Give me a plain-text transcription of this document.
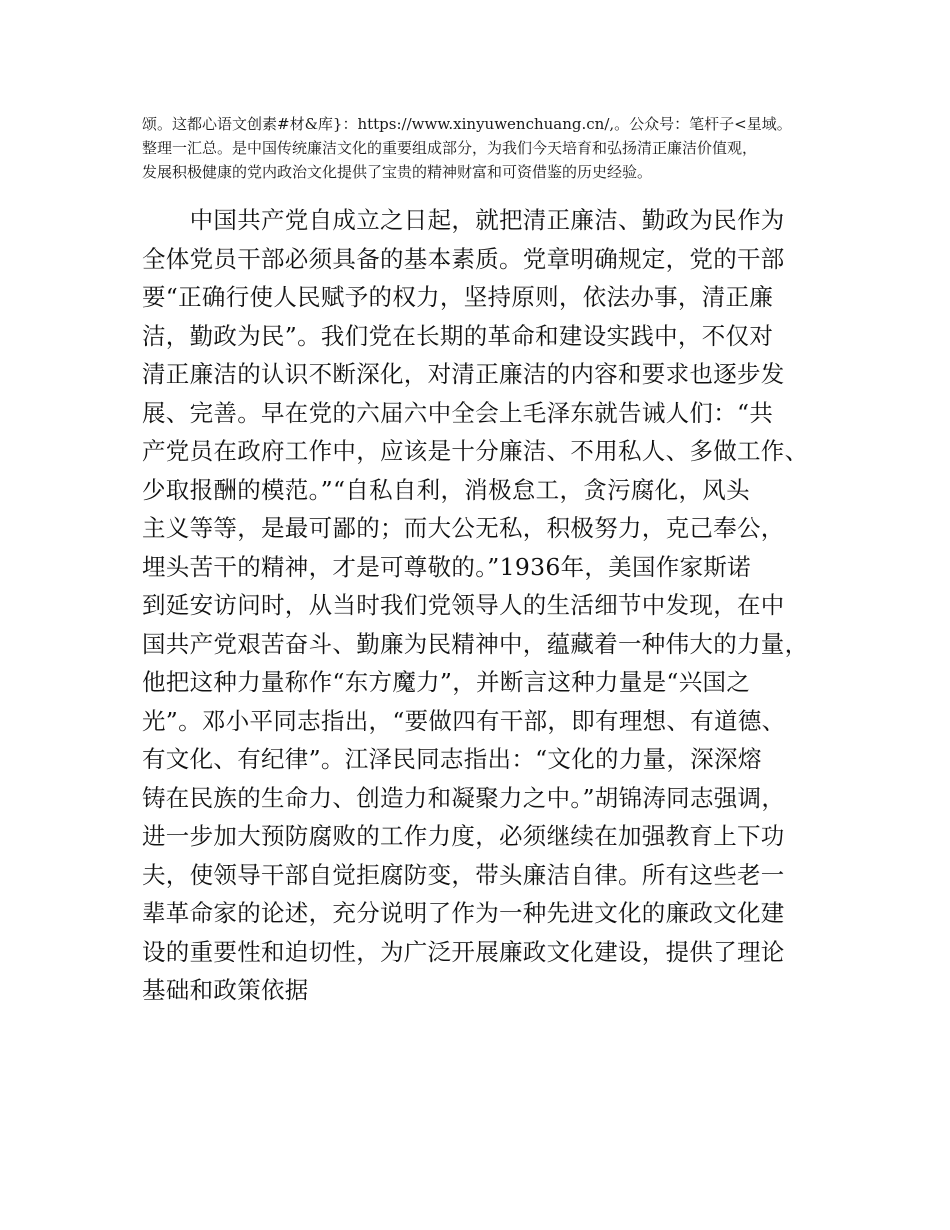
颂。这都心语文创素#材&库}：https://www.xinyuwenchuang.cn/,。公众号：笔杆子<星域。
整理一汇总。是中国传统廉洁文化的重要组成部分，为我们今天培育和弘扬清正廉洁价值观，
发展积极健康的党内政治文化提供了宝贵的精神财富和可资借鉴的历史经验。
　　中国共产党自成立之日起，就把清正廉洁、勤政为民作为
全体党员干部必须具备的基本素质。党章明确规定，党的干部
要“正确行使人民赋予的权力，坚持原则，依法办事，清正廉
洁，勤政为民”。我们党在长期的革命和建设实践中，不仅对
清正廉洁的认识不断深化，对清正廉洁的内容和要求也逐步发
展、完善。早在党的六届六中全会上毛泽东就告诫人们：“共
产党员在政府工作中，应该是十分廉洁、不用私人、多做工作、
少取报酬的模范。”“自私自利，消极怠工，贪污腐化，风头
主义等等，是最可鄙的；而大公无私，积极努力，克己奉公，
埋头苦干的精神，才是可尊敬的。”1936年，美国作家斯诺
到延安访问时，从当时我们党领导人的生活细节中发现，在中
国共产党艰苦奋斗、勤廉为民精神中，蕴藏着一种伟大的力量，
他把这种力量称作“东方魔力”，并断言这种力量是“兴国之
光”。邓小平同志指出，“要做四有干部，即有理想、有道德、
有文化、有纪律”。江泽民同志指出：“文化的力量，深深熔
铸在民族的生命力、创造力和凝聚力之中。”胡锦涛同志强调，
进一步加大预防腐败的工作力度，必须继续在加强教育上下功
夫，使领导干部自觉拒腐防变，带头廉洁自律。所有这些老一
辈革命家的论述，充分说明了作为一种先进文化的廉政文化建
设的重要性和迫切性，为广泛开展廉政文化建设，提供了理论
基础和政策依据
